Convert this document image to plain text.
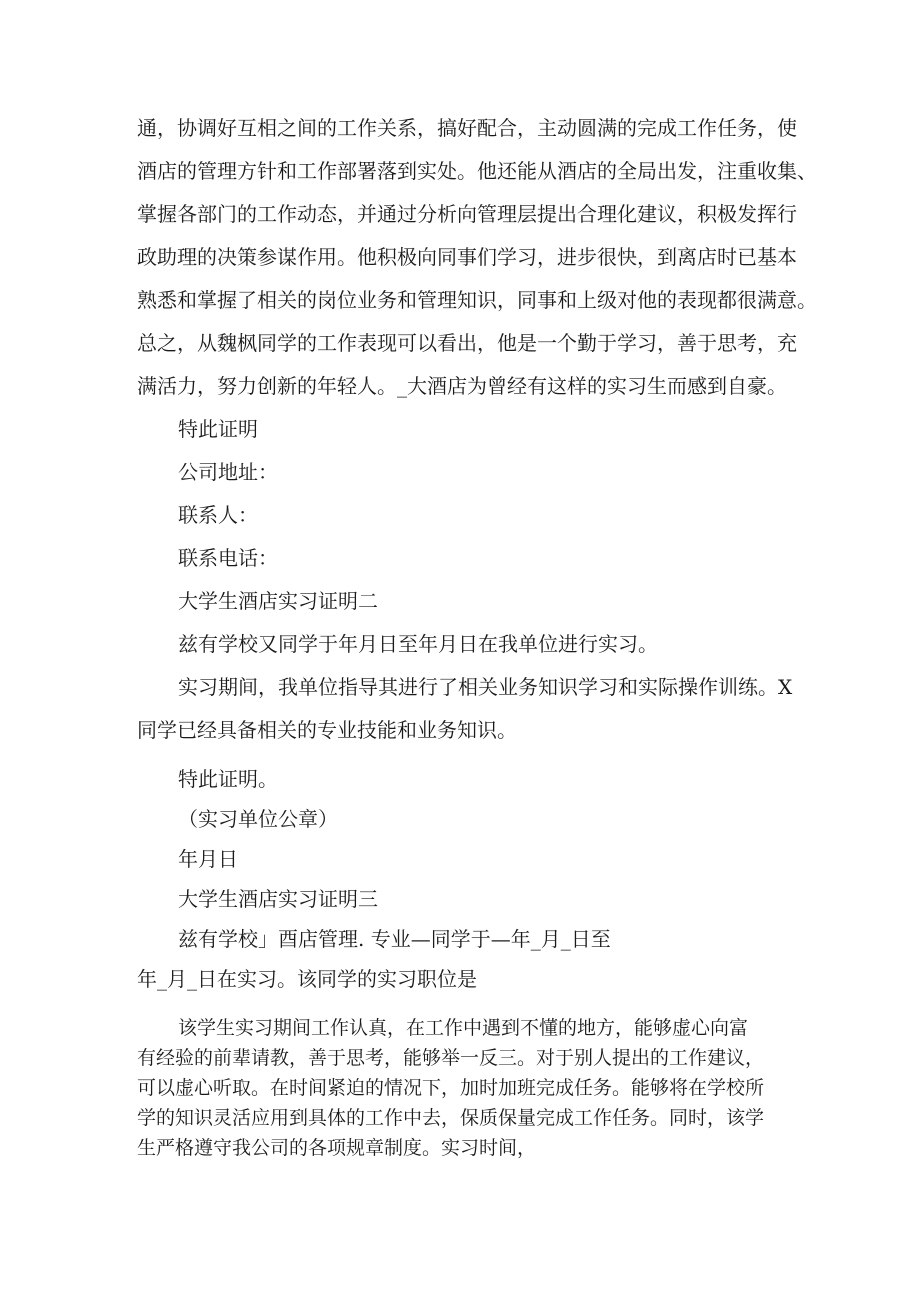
通，协调好互相之间的工作关系，搞好配合，主动圆满的完成工作任务，使
酒店的管理方针和工作部署落到实处。他还能从酒店的全局出发，注重收集、
掌握各部门的工作动态，并通过分析向管理层提出合理化建议，积极发挥行
政助理的决策参谋作用。他积极向同事们学习，进步很快，到离店时已基本
熟悉和掌握了相关的岗位业务和管理知识，同事和上级对他的表现都很满意。
总之，从魏枫同学的工作表现可以看出，他是一个勤于学习，善于思考，充
满活力，努力创新的年轻人。_大酒店为曾经有这样的实习生而感到自豪。
特此证明
公司地址：
联系人：
联系电话：
大学生酒店实习证明二
兹有学校又同学于年月日至年月日在我单位进行实习。
实习期间，我单位指导其进行了相关业务知识学习和实际操作训练。X
同学已经具备相关的专业技能和业务知识。
特此证明。
（实习单位公章）
年月日
大学生酒店实习证明三
兹有学校」酉店管理. 专业—同学于—年_月_日至
年_月_日在实习。该同学的实习职位是
该学生实习期间工作认真，在工作中遇到不懂的地方，能够虚心向富
有经验的前辈请教，善于思考，能够举一反三。对于别人提出的工作建议，
可以虚心听取。在时间紧迫的情况下，加时加班完成任务。能够将在学校所
学的知识灵活应用到具体的工作中去，保质保量完成工作任务。同时，该学
生严格遵守我公司的各项规章制度。实习时间，
